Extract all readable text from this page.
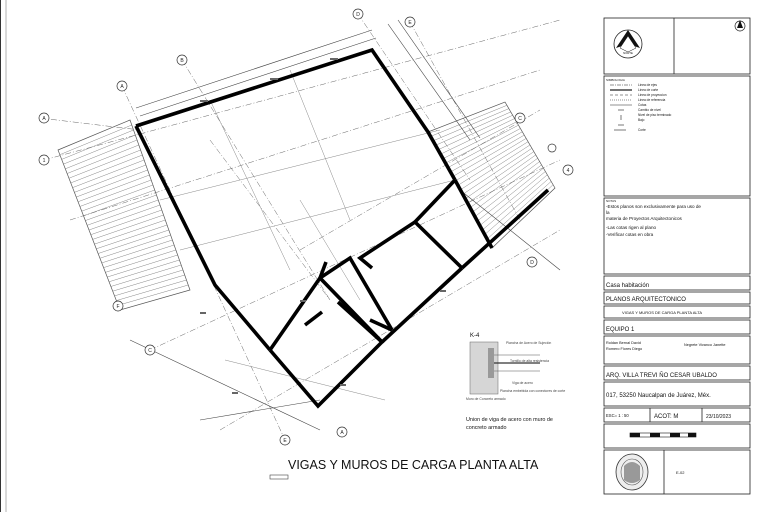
A
B
D
E
1
A	C
4
D
C
E
A
F
K-4
Plancha de Acero de Sujeción
Tornillo de alta resistencia
Viga de acero
Muro de Concreto armado
Plancha embebida con conectores de corte
Union de viga de acero con muro de
concreto armado
VIGAS Y MUROS DE CARGA PLANTA ALTA
NORTE
SIMBOLOGIA
Linea de ejes
Linea de corte
Linea de proyeccion
Linea de referencia
Cotas
Cambio de nivel
Nivel de piso terminado
Bajo
Corte
NOTAS
-Estos planos son exclusivamente para uso de
la
materia de Proyectos Arquitectonicos
-Las cotas rigen al plano
-Verificar cotas en obra
Casa habitación
PLANOS ARQUITECTONICO
VIGAS Y MUROS DE CARGA PLANTA ALTA
EQUIPO 1
Roldan Bernal David
Romero Flores Diego
Negrete Vivanco Janette
ARQ. VILLA TREVI ÑO CESAR UBALDO
017, 53250 Naucalpan de Juárez, Méx.
ESC= 1 : 50	ACOT: M	23/10/2023
E-02
